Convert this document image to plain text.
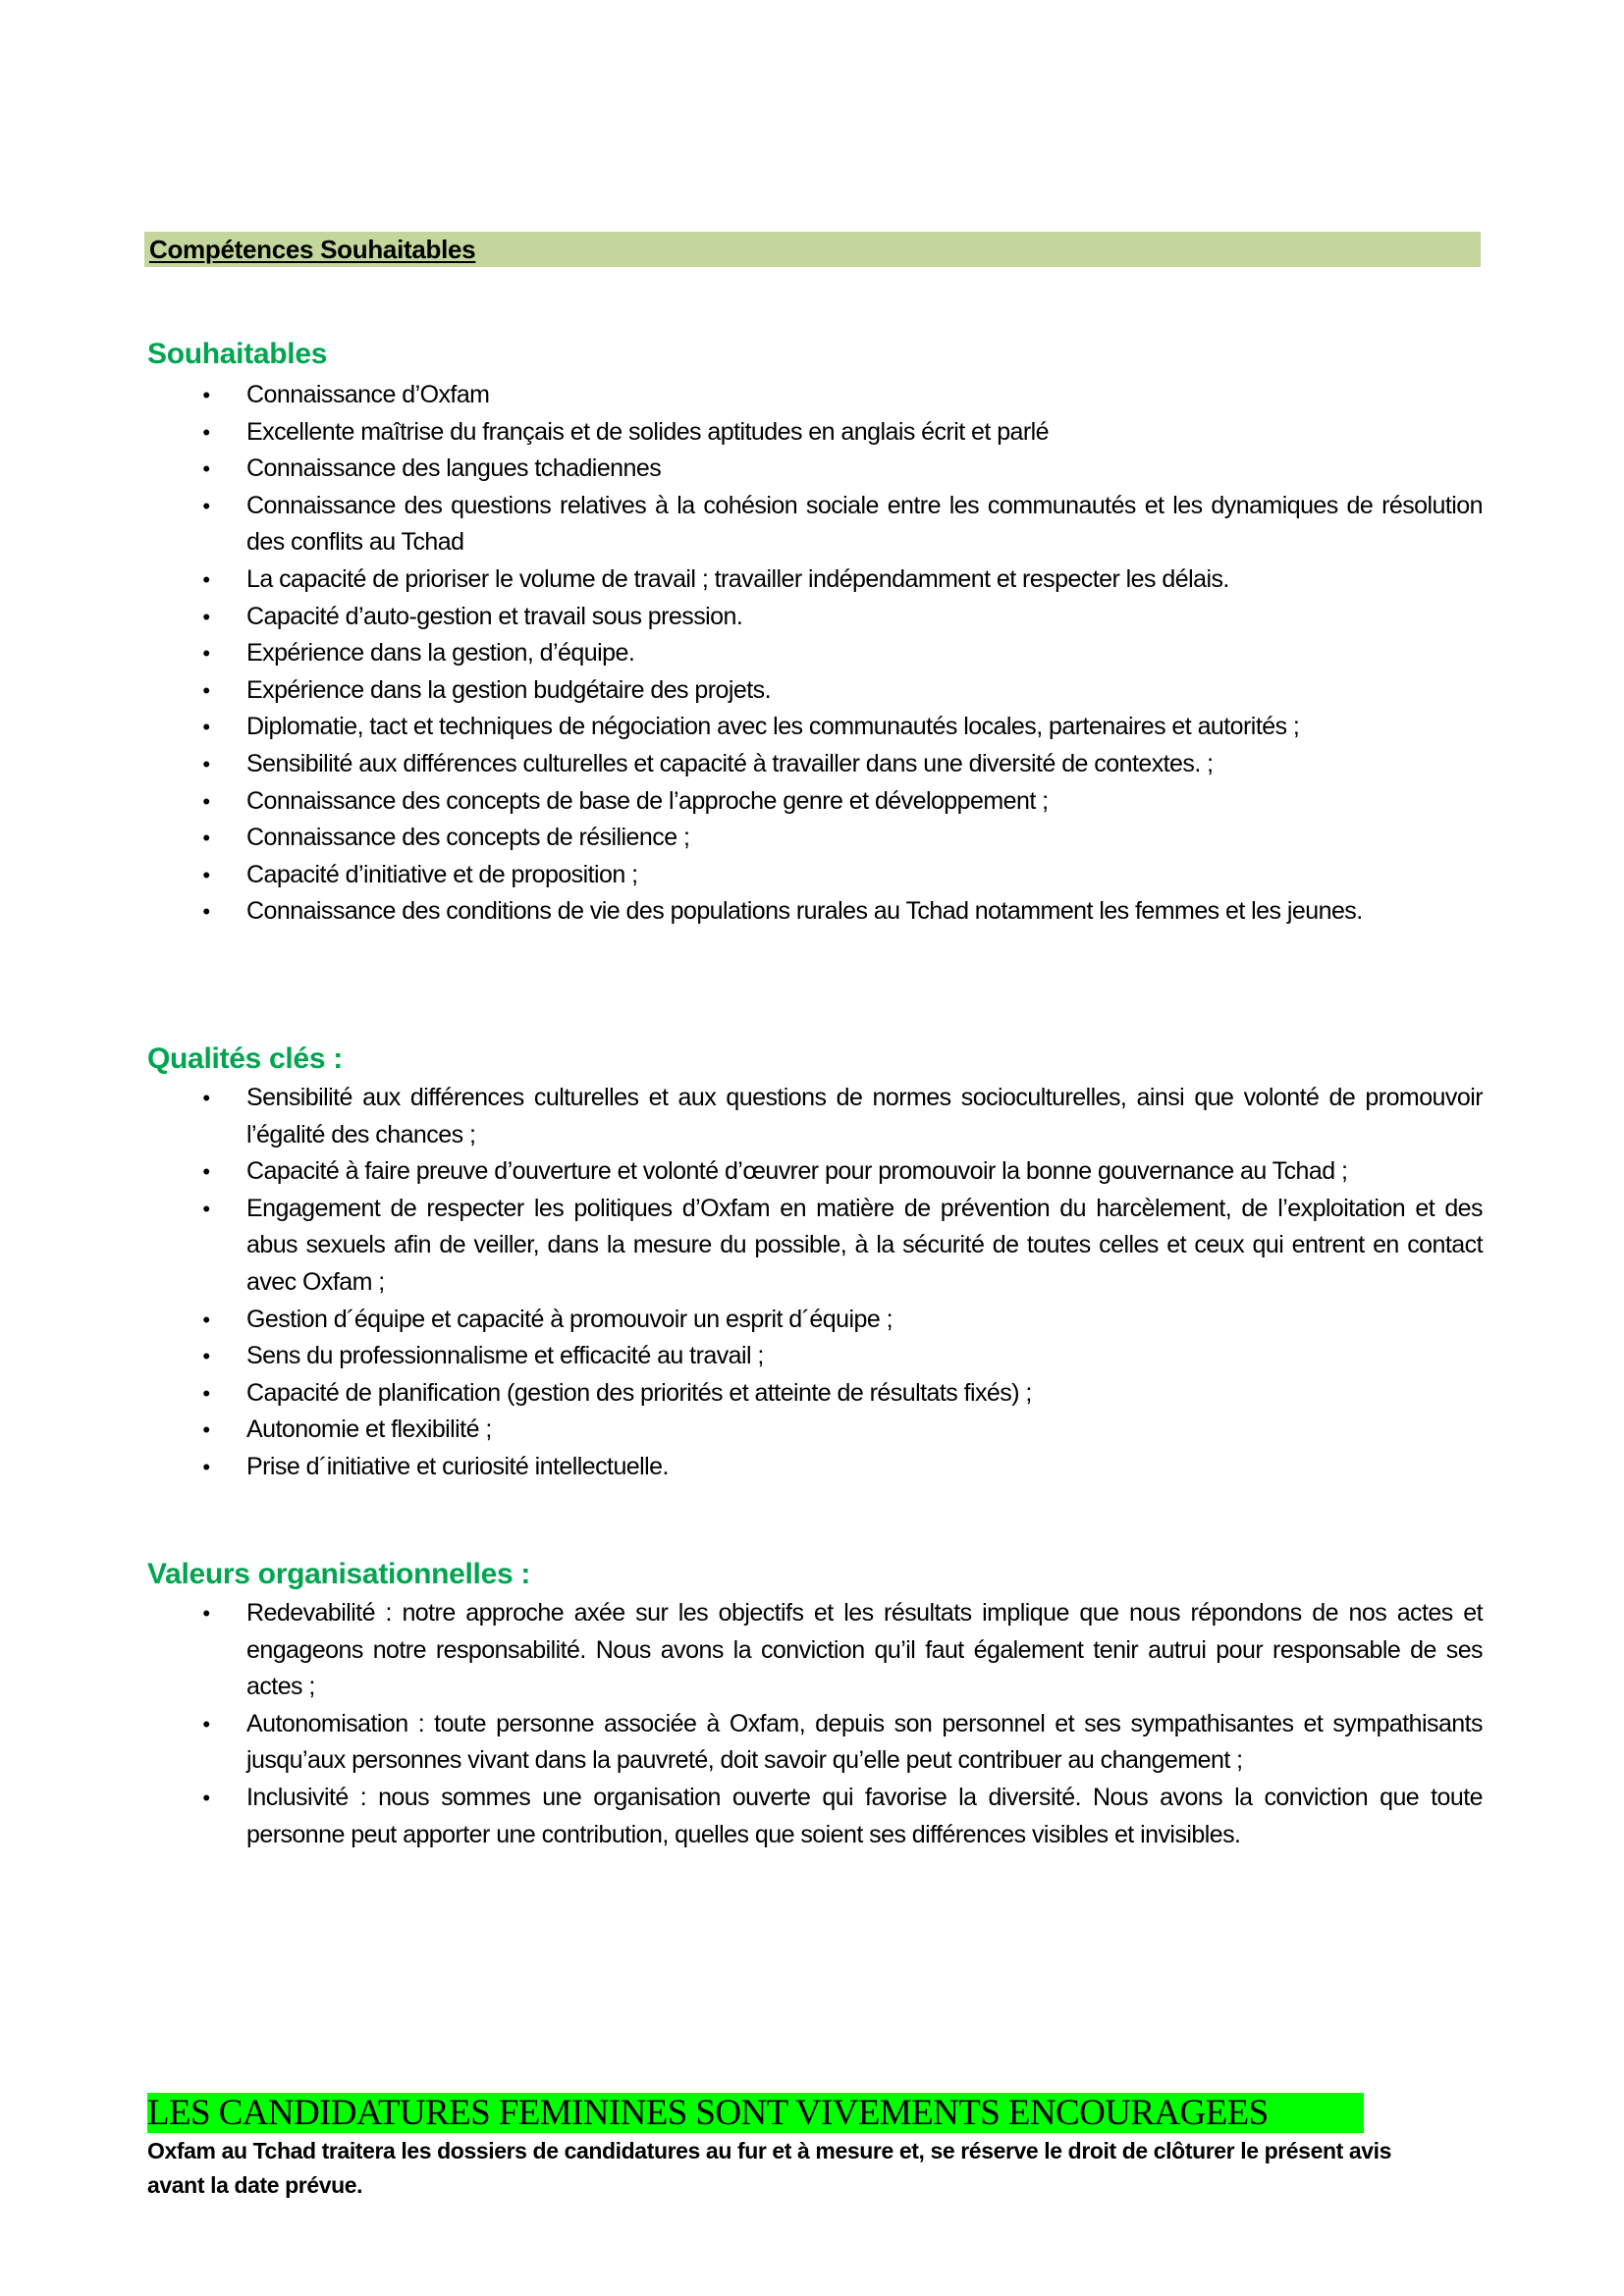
Compétences Souhaitables
Souhaitables
• Connaissance d’Oxfam
• Excellente maîtrise du français et de solides aptitudes en anglais écrit et parlé
• Connaissance des langues tchadiennes
• Connaissance des questions relatives à la cohésion sociale entre les communautés et les dynamiques de résolution des conflits au Tchad
• La capacité de prioriser le volume de travail ; travailler indépendamment et respecter les délais.
• Capacité d’auto-gestion et travail sous pression.
• Expérience dans la gestion, d’équipe.
• Expérience dans la gestion budgétaire des projets.
• Diplomatie, tact et techniques de négociation avec les communautés locales, partenaires et autorités ;
• Sensibilité aux différences culturelles et capacité à travailler dans une diversité de contextes. ;
• Connaissance des concepts de base de l’approche genre et développement ;
• Connaissance des concepts de résilience ;
• Capacité d’initiative et de proposition ;
• Connaissance des conditions de vie des populations rurales au Tchad notamment les femmes et les jeunes.
Qualités clés :
• Sensibilité aux différences culturelles et aux questions de normes socioculturelles, ainsi que volonté de promouvoir l’égalité des chances ;
• Capacité à faire preuve d’ouverture et volonté d’œuvrer pour promouvoir la bonne gouvernance au Tchad ;
• Engagement de respecter les politiques d’Oxfam en matière de prévention du harcèlement, de l’exploitation et des abus sexuels afin de veiller, dans la mesure du possible, à la sécurité de toutes celles et ceux qui entrent en contact avec Oxfam ;
• Gestion d´équipe et capacité à promouvoir un esprit d´équipe ;
• Sens du professionnalisme et efficacité au travail ;
• Capacité de planification (gestion des priorités et atteinte de résultats fixés) ;
• Autonomie et flexibilité ;
• Prise d´initiative et curiosité intellectuelle.
Valeurs organisationnelles :
• Redevabilité : notre approche axée sur les objectifs et les résultats implique que nous répondons de nos actes et engageons notre responsabilité. Nous avons la conviction qu’il faut également tenir autrui pour responsable de ses actes ;
• Autonomisation : toute personne associée à Oxfam, depuis son personnel et ses sympathisantes et sympathisants jusqu’aux personnes vivant dans la pauvreté, doit savoir qu’elle peut contribuer au changement ;
• Inclusivité : nous sommes une organisation ouverte qui favorise la diversité. Nous avons la conviction que toute personne peut apporter une contribution, quelles que soient ses différences visibles et invisibles.
LES CANDIDATURES FEMININES SONT VIVEMENTS ENCOURAGEES

Oxfam au Tchad traitera les dossiers de candidatures au fur et à mesure et, se réserve le droit de clôturer le présent avis avant la date prévue.
